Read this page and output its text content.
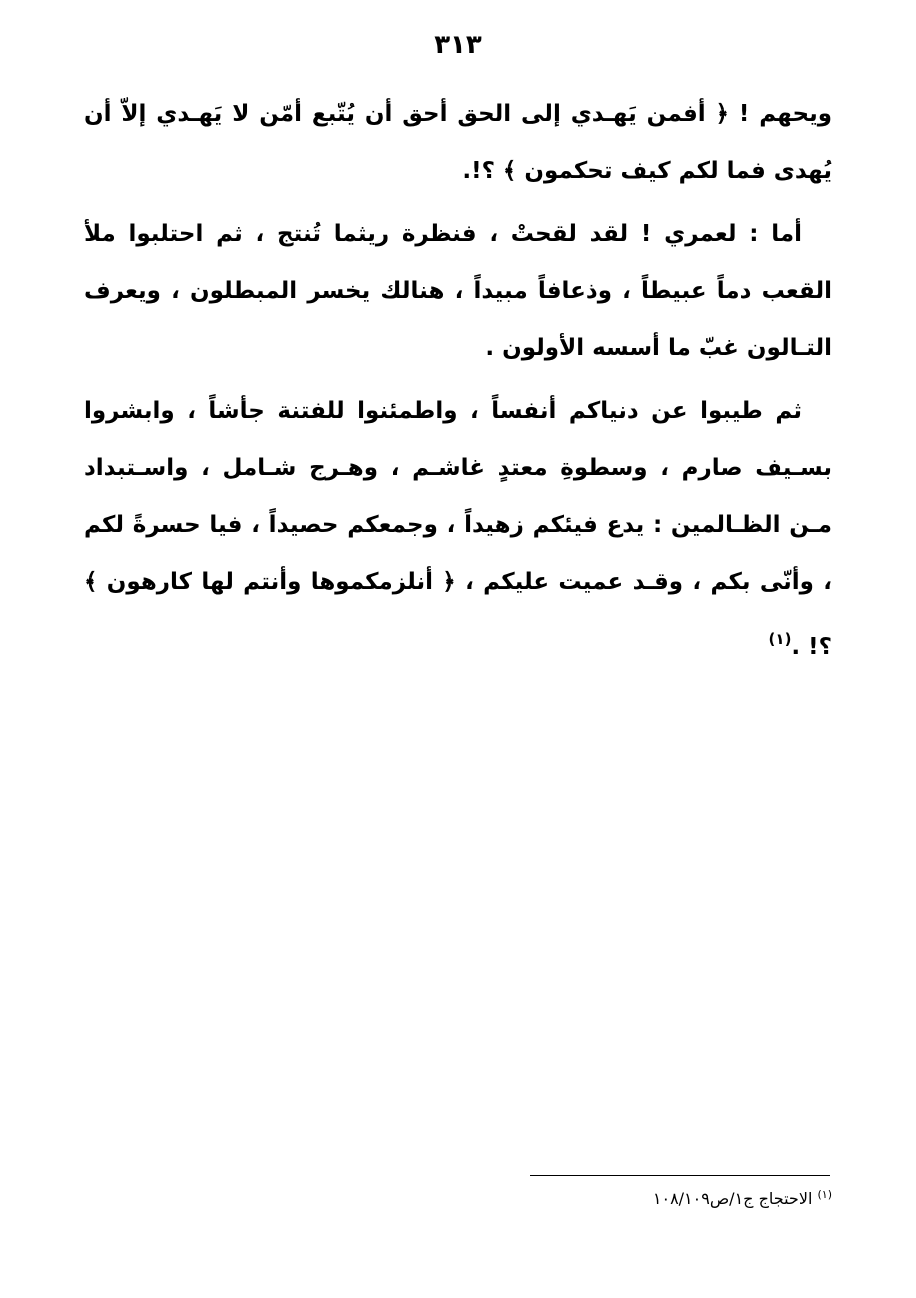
٣١٣

ويحهم ! ﴿ أفمن يَهـدي إلى الحق أحق أن يُتّبع أمّن لا يَهـدي إلاّ أن يُهدى فما لكم كيف تحكمون ﴾ ؟!.

أما : لعمري ! لقد لقحتْ ، فنظرة ريثما تُنتج ، ثم احتلبوا ملأ القعب دماً عبيطاً ، وذعافاً مبيداً ، هنالك يخسر المبطلون ، ويعرف التـالون غبّ ما أسسه الأولون .

ثم طيبوا عن دنياكم أنفساً ، واطمئنوا للفتنة جأشاً ، وابشروا بسـيف صارم ، وسطوةِ معتدٍ غاشـم ، وهـرج شـامل ، واسـتبداد مـن الظـالمين : يدع فيئكم زهيداً ، وجمعكم حصيداً ، فيا حسرةً لكم ، وأنّى بكم ، وقـد عميت عليكم ، ﴿ أنلزمكموها وأنتم لها كارهون ﴾ ؟! .$^{(١)}$

$^{(١)}$ الاحتجاج ج١/ص١٠٨/١٠٩
